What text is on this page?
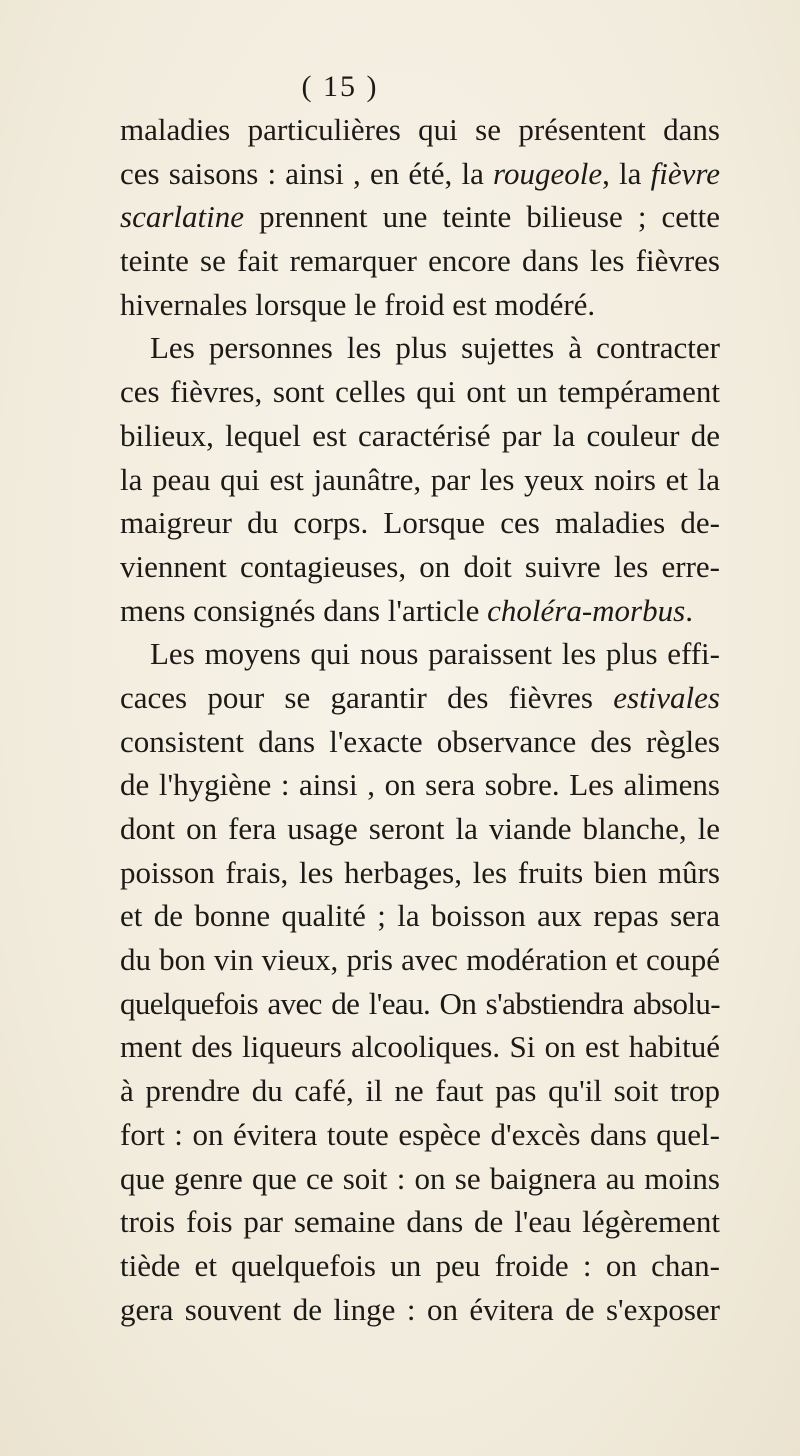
( 15 )
maladies particulières qui se présentent dans
ces saisons : ainsi , en été, la rougeole, la fièvre
scarlatine prennent une teinte bilieuse ; cette
teinte se fait remarquer encore dans les fièvres
hivernales lorsque le froid est modéré.
Les personnes les plus sujettes à contracter
ces fièvres, sont celles qui ont un tempérament
bilieux, lequel est caractérisé par la couleur de
la peau qui est jaunâtre, par les yeux noirs et la
maigreur du corps. Lorsque ces maladies de-
viennent contagieuses, on doit suivre les erre-
mens consignés dans l'article choléra-morbus.
Les moyens qui nous paraissent les plus effi-
caces pour se garantir des fièvres estivales
consistent dans l'exacte observance des règles
de l'hygiène : ainsi , on sera sobre. Les alimens
dont on fera usage seront la viande blanche, le
poisson frais, les herbages, les fruits bien mûrs
et de bonne qualité ; la boisson aux repas sera
du bon vin vieux, pris avec modération et coupé
quelquefois avec de l'eau. On s'abstiendra absolu-
ment des liqueurs alcooliques. Si on est habitué
à prendre du café, il ne faut pas qu'il soit trop
fort : on évitera toute espèce d'excès dans quel-
que genre que ce soit : on se baignera au moins
trois fois par semaine dans de l'eau légèrement
tiède et quelquefois un peu froide : on chan-
gera souvent de linge : on évitera de s'exposer
